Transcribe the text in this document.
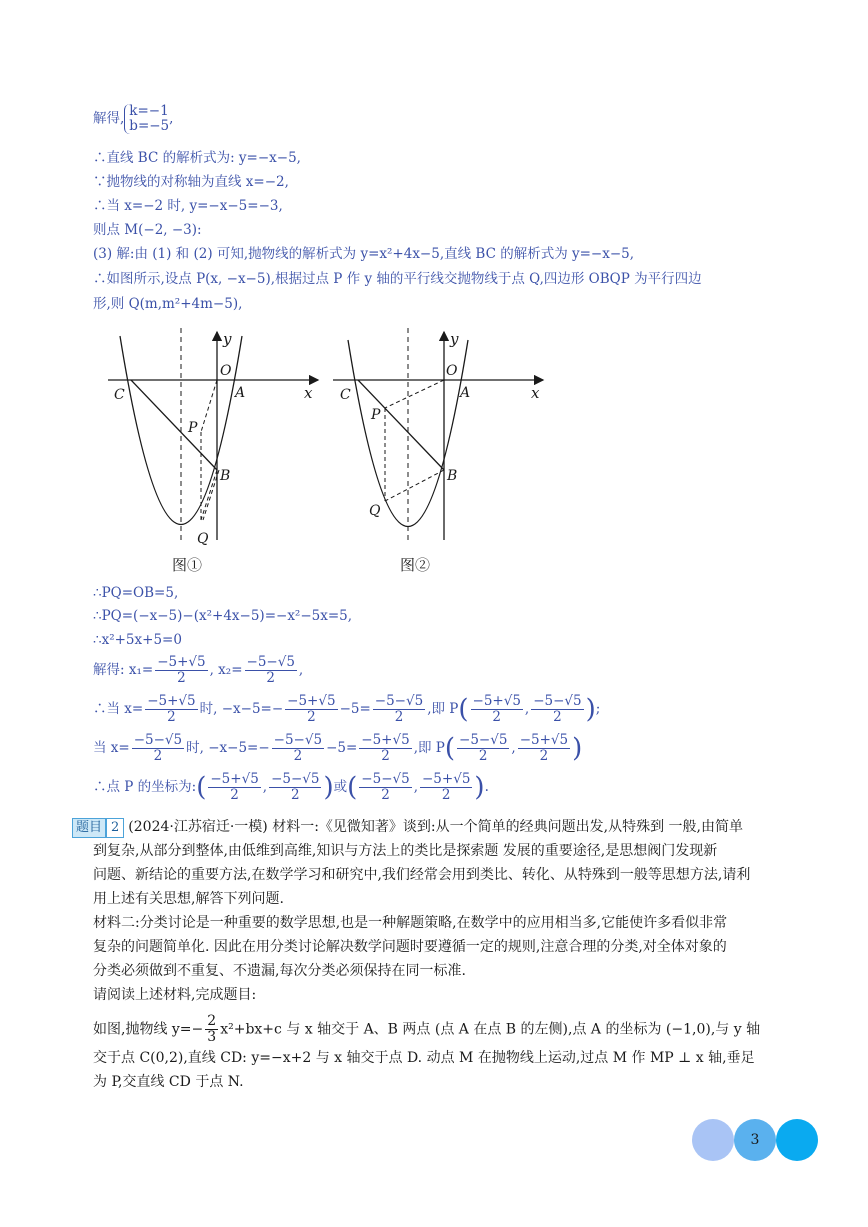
解得, k=−1
b=−5 ,
∴直线 BC 的解析式为: y=−x−5,
∵抛物线的对称轴为直线 x=−2,
∴当 x=−2 时, y=−x−5=−3,
则点 M(−2, −3):
(3) 解:由 (1) 和 (2) 可知,抛物线的解析式为 y=x²+4x−5,直线 BC 的解析式为 y=−x−5,
∴如图所示,设点 P(x, −x−5),根据过点 P 作 y 轴的平行线交抛物线于点 Q,四边形 OBQP 为平行四边
形,则 Q(m,m²+4m−5),
y
x
O
A
C
P
B
Q
图①
y
x
O
A
C
P
B
Q
图②
∴PQ=OB=5,
∴PQ=(−x−5)−(x²+4x−5)=−x²−5x=5,
∴x²+5x+5=0
解得: $x_1= \frac{-5+√5}{2}$ , $x_2= \frac{-5-√5}{2}$ ,
∴当 $x= \frac{-5+√5}{2}$ 时, $-x-5=- \frac{-5+√5}{2} -5= \frac{-5-√5}{2}$ ,即 $P( \frac{-5+√5}{2}$ , $\frac{-5-√5}{2}$ );
当 $x= \frac{-5-√5}{2}$ 时, $-x-5=- \frac{-5-√5}{2} -5= \frac{-5+√5}{2}$ ,即 $P( \frac{-5-√5}{2}$ , $\frac{-5+√5}{2}$ )
∴点 P 的坐标为:( $\frac{-5+√5}{2}$ , $\frac{-5-√5}{2}$ )或( $\frac{-5-√5}{2}$ , $\frac{-5+√5}{2}$ ).
题目 2 (2024·江苏宿迁·一模) 材料一:《见微知著》谈到:从一个简单的经典问题出发,从特殊到 一般,由简单
到复杂,从部分到整体,由低维到高维,知识与方法上的类比是探索题 发展的重要途径,是思想阀门发现新
问题、新结论的重要方法,在数学学习和研究中,我们经常会用到类比、转化、从特殊到一般等思想方法,请利
用上述有关思想,解答下列问题.
材料二:分类讨论是一种重要的数学思想,也是一种解题策略,在数学中的应用相当多,它能使许多看似非常
复杂的问题简单化. 因此在用分类讨论解决数学问题时要遵循一定的规则,注意合理的分类,对全体对象的
分类必须做到不重复、不遗漏,每次分类必须保持在同一标准.
请阅读上述材料,完成题目:
如图,抛物线 $y=- \frac{2}{3} x^2+bx+c$ 与 x 轴交于 A、B 两点 (点 A 在点 B 的左侧),点 A 的坐标为 (−1,0),与 y 轴
交于点 C(0,2),直线 CD: y=−x+2 与 x 轴交于点 D. 动点 M 在抛物线上运动,过点 M 作 MP ⊥ x 轴,垂足
为 P,交直线 CD 于点 N.
3
